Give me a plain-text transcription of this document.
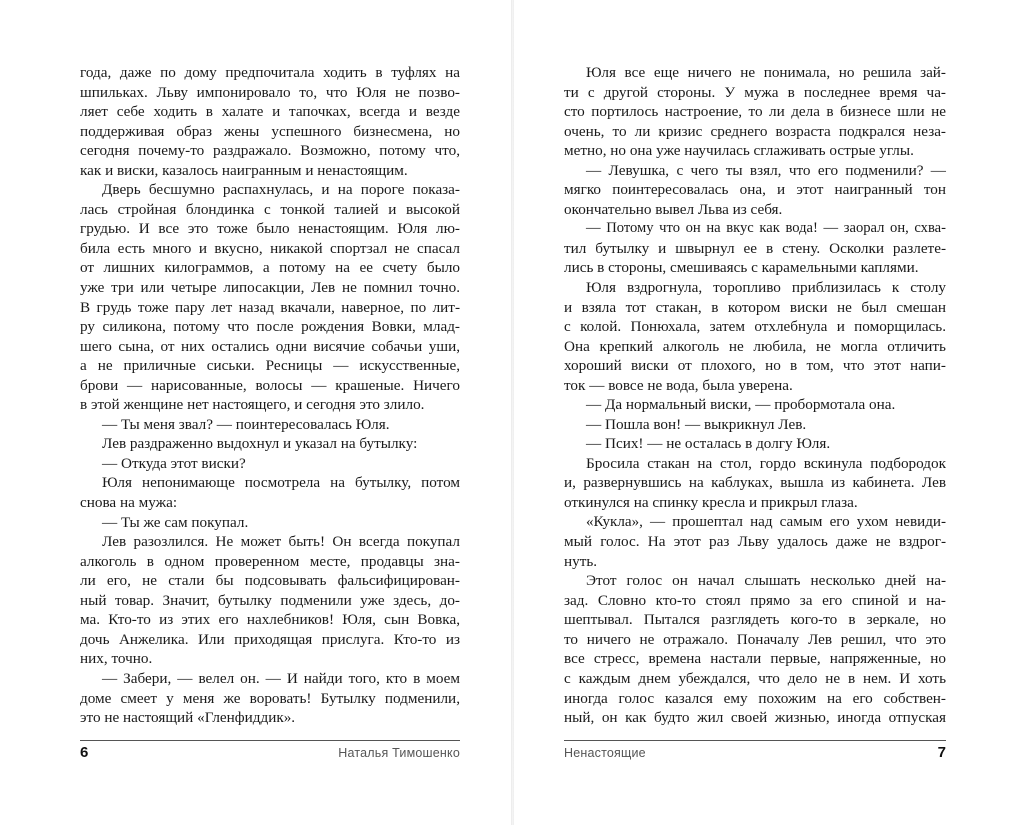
года, даже по дому предпочитала ходить в туфлях на
шпильках. Льву импонировало то, что Юля не позво-
ляет себе ходить в халате и тапочках, всегда и везде
поддерживая образ жены успешного бизнесмена, но
сегодня почему-то раздражало. Возможно, потому что,
как и виски, казалось наигранным и ненастоящим.
Дверь бесшумно распахнулась, и на пороге показа-
лась стройная блондинка с тонкой талией и высокой
грудью. И все это тоже было ненастоящим. Юля лю-
била есть много и вкусно, никакой спортзал не спасал
от лишних килограммов, а потому на ее счету было
уже три или четыре липосакции, Лев не помнил точно.
В грудь тоже пару лет назад вкачали, наверное, по лит-
ру силикона, потому что после рождения Вовки, млад-
шего сына, от них остались одни висячие собачьи уши,
а не приличные сиськи. Ресницы — искусственные,
брови — нарисованные, волосы — крашеные. Ничего
в этой женщине нет настоящего, и сегодня это злило.
— Ты меня звал? — поинтересовалась Юля.
Лев раздраженно выдохнул и указал на бутылку:
— Откуда этот виски?
Юля непонимающе посмотрела на бутылку, потом
снова на мужа:
— Ты же сам покупал.
Лев разозлился. Не может быть! Он всегда покупал
алкоголь в одном проверенном месте, продавцы зна-
ли его, не стали бы подсовывать фальсифицирован-
ный товар. Значит, бутылку подменили уже здесь, до-
ма. Кто-то из этих его нахлебников! Юля, сын Вовка,
дочь Анжелика. Или приходящая прислуга. Кто-то из
них, точно.
— Забери, — велел он. — И найди того, кто в моем
доме смеет у меня же воровать! Бутылку подменили,
это не настоящий «Гленфиддик».
6	Наталья Тимошенко
Юля все еще ничего не понимала, но решила зай-
ти с другой стороны. У мужа в последнее время ча-
сто портилось настроение, то ли дела в бизнесе шли не
очень, то ли кризис среднего возраста подкрался неза-
метно, но она уже научилась сглаживать острые углы.
— Левушка, с чего ты взял, что его подменили? —
мягко поинтересовалась она, и этот наигранный тон
окончательно вывел Льва из себя.
— Потому что он на вкус как вода! — заорал он, схва-
тил бутылку и швырнул ее в стену. Осколки разлете-
лись в стороны, смешиваясь с карамельными каплями.
Юля вздрогнула, торопливо приблизилась к столу
и взяла тот стакан, в котором виски не был смешан
с колой. Понюхала, затем отхлебнула и поморщилась.
Она крепкий алкоголь не любила, не могла отличить
хороший виски от плохого, но в том, что этот напи-
ток — вовсе не вода, была уверена.
— Да нормальный виски, — пробормотала она.
— Пошла вон! — выкрикнул Лев.
— Псих! — не осталась в долгу Юля.
Бросила стакан на стол, гордо вскинула подбородок
и, развернувшись на каблуках, вышла из кабинета. Лев
откинулся на спинку кресла и прикрыл глаза.
«Кукла», — прошептал над самым его ухом невиди-
мый голос. На этот раз Льву удалось даже не вздрог-
нуть.
Этот голос он начал слышать несколько дней на-
зад. Словно кто-то стоял прямо за его спиной и на-
шептывал. Пытался разглядеть кого-то в зеркале, но
то ничего не отражало. Поначалу Лев решил, что это
все стресс, времена настали первые, напряженные, но
с каждым днем убеждался, что дело не в нем. И хоть
иногда голос казался ему похожим на его собствен-
ный, он как будто жил своей жизнью, иногда отпуская
Ненастоящие	7
